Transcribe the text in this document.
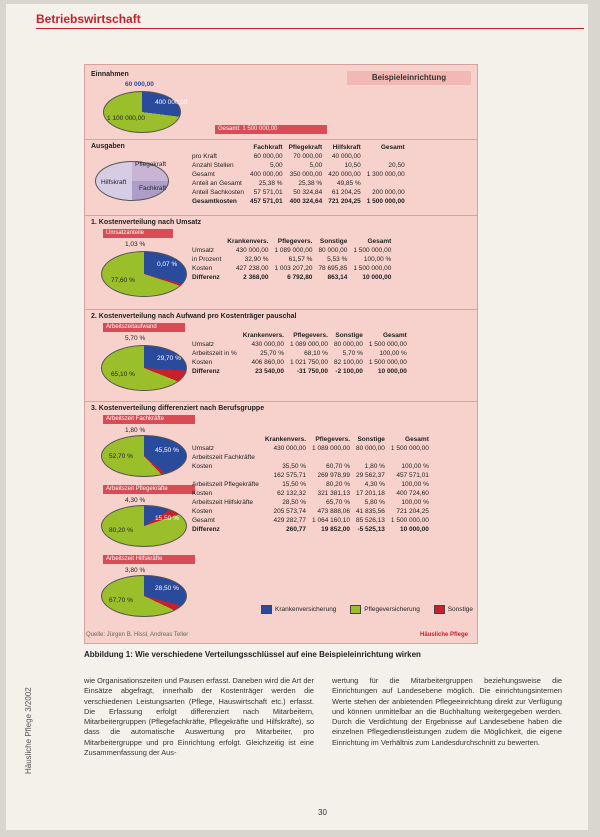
Betriebswirtschaft
Beispieleinrichtung
Einnahmen
60 000,00
400 000,00
1 100 000,00
Gesamt: 1 500 000,00
Ausgaben
Pflegekraft
Hilfskraft
Fachkraft
	Fachkraft	Pflegekraft	Hilfskraft	Gesamt
pro Kraft	60 000,00	70 000,00	40 000,00	
Anzahl Stellen	5,00	5,00	10,50	20,50
Gesamt	400 000,00	350 000,00	420 000,00	1 300 000,00
Anteil an Gesamt	25,38 %	25,38 %	49,85 %	
Anteil Sachkosten	57 571,01	50 324,84	61 204,25	200 000,00
Gesamtkosten	457 571,01	400 324,64	721 204,25	1 500 000,00
1. Kostenverteilung nach Umsatz
Umsatzanteile
1,03 %
0,07 %
77,60 %
	Krankenvers.	Pflegevers.	Sonstige	Gesamt
Umsatz	430 000,00	1 089 000,00	80 000,00	1 500 000,00
in Prozent	32,90 %	61,57 %	5,53 %	100,00 %
Kosten	427 238,00	1 003 207,20	78 695,85	1 500 000,00
Differenz	2 368,00	6 792,80	863,14	10 000,00
2. Kostenverteilung nach Aufwand pro Kostenträger pauschal
Arbeitszeitaufwand
5,70 %
29,70 %
65,10 %
	Krankenvers.	Pflegevers.	Sonstige	Gesamt
Umsatz	430 000,00	1 089 000,00	80 000,00	1 500 000,00
Arbeitszeit in %	25,70 %	68,10 %	5,70 %	100,00 %
Kosten	406 860,00	1 021 750,00	82 100,00	1 500 000,00
Differenz	23 540,00	-31 750,00	-2 100,00	10 000,00
3. Kostenverteilung differenziert nach Berufsgruppe
Arbeitszeit Fachkräfte
1,80 %
45,50 %
52,70 %
Arbeitszeit Pflegekräfte
4,30 %
15,50 %
80,20 %
Arbeitszeit Hilfskräfte
3,80 %
28,50 %
67,70 %
	Krankenvers.	Pflegevers.	Sonstige	Gesamt
Umsatz	430 000,00	1 089 000,00	80 000,00	1 500 000,00
Arbeitszeit Fachkräfte				
Kosten	35,50 %	60,70 %	1,80 %	100,00 %
	162 575,71	269 978,99	29 562,37	457 571,01
Arbeitszeit Pflegekräfte	15,50 %	80,20 %	4,30 %	100,00 %
Kosten	62 132,32	321 381,13	17 201,18	400 724,60
Arbeitszeit Hilfskräfte	28,50 %	65,70 %	5,80 %	100,00 %
Kosten	205 573,74	473 888,06	41 835,56	721 204,25
Gesamt	429 282,77	1 064 160,10	85 526,13	1 500 000,00
Differenz	260,77	19 852,00	-5 525,13	10 000,00
Krankenversicherung	Pflegeversicherung	Sonstige
Quelle: Jürgen B. Hissl, Andreas Teller	Häusliche Pflege
Abbildung 1: Wie verschiedene Verteilungsschlüssel auf eine Beispieleinrichtung wirken
Häusliche Pflege 3/2002
wie Organisationszeiten und Pausen erfasst. Daneben wird die Art der Einsätze abgefragt, innerhalb der Kostenträger werden die verschiedenen Leistungsarten (Pflege, Hauswirtschaft etc.) erfasst. Die Erfassung erfolgt differenziert nach Mitarbeitern, Mitarbeitergruppen (Pflegefachkräfte, Pflegekräfte und Hilfskräfte), so dass die automatische Auswertung pro Mitarbeiter, pro Mitarbeitergruppe und pro Einrichtung erfolgt. Gleichzeitig ist eine Zusammenfassung der Aus-
wertung für die Mitarbeitergruppen beziehungsweise die Einrichtungen auf Landesebene möglich. Die einrichtungsinternen Werte stehen der anbietenden Pflegeeinrichtung direkt zur Verfügung und können unmittelbar an die Buchhaltung weitergegeben werden. Durch die Verdichtung der Ergebnisse auf Landesebene haben die einzelnen Pflegedienstleistungen zudem die Möglichkeit, die eigene Einrichtung im Verhältnis zum Landesdurchschnitt zu bewerten.
30
